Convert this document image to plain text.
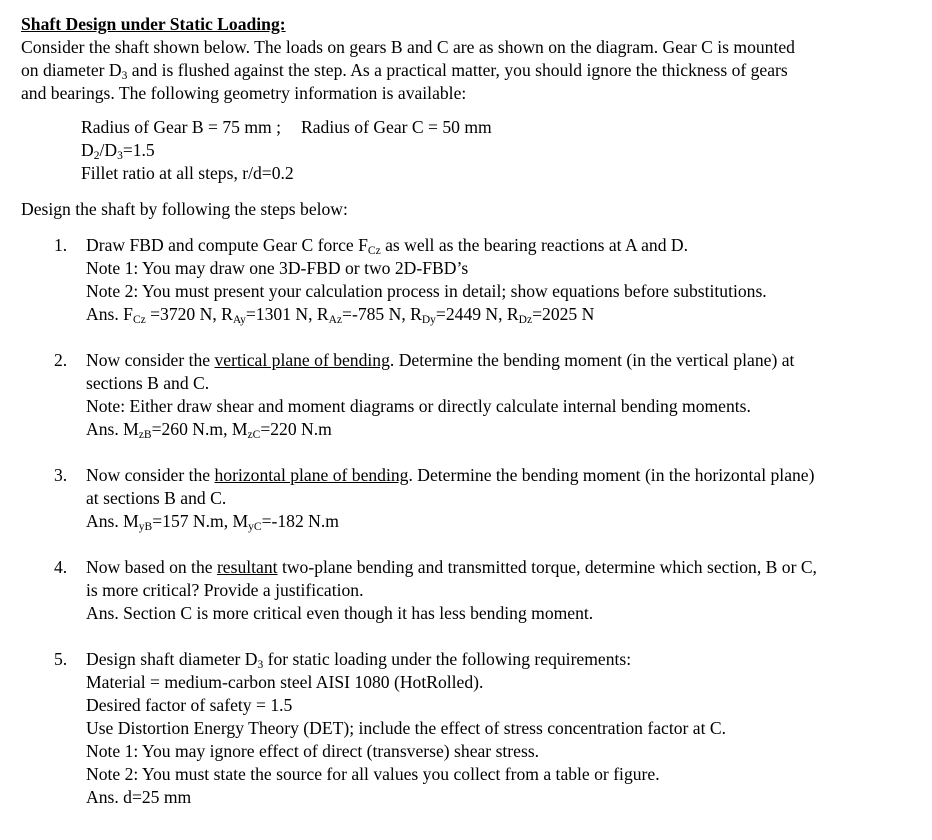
Shaft Design under Static Loading:

Consider the shaft shown below. The loads on gears B and C are as shown on the diagram. Gear C is mounted

on diameter $D_3$ and is flushed against the step. As a practical matter, you should ignore the thickness of gears

and bearings. The following geometry information is available:

Radius of Gear B = 75 mm ; Radius of Gear C = 50 mm
$D_2/D_3=1.5$
Fillet ratio at all steps, r/d=0.2
Design the shaft by following the steps below:
1. Draw FBD and compute Gear C force $F_{Cz}$ as well as the bearing reactions at A and D.

Note 1: You may draw one 3D-FBD or two 2D-FBD’s

Note 2: You must present your calculation process in detail; show equations before substitutions.

Ans. $F_{Cz} =3720$ N, $R_{Ay}=1301$ N, $R_{Az}=-785$ N, $R_{Dy}=2449$ N, $R_{Dz}=2025$ N

2. Now consider the vertical plane of bending. Determine the bending moment (in the vertical plane) at

sections B and C.

Note: Either draw shear and moment diagrams or directly calculate internal bending moments.

Ans. $M_{zB}=260$ N.m, $M_{zC}=220$ N.m

3. Now consider the horizontal plane of bending. Determine the bending moment (in the horizontal plane)

at sections B and C.

Ans. $M_{yB}=157$ N.m, $M_{yC}=-182$ N.m

4. Now based on the resultant two-plane bending and transmitted torque, determine which section, B or C,

is more critical? Provide a justification.

Ans. Section C is more critical even though it has less bending moment.

5. Design shaft diameter $D_3$ for static loading under the following requirements:

Material = medium-carbon steel AISI 1080 (HotRolled).

Desired factor of safety = 1.5

Use Distortion Energy Theory (DET); include the effect of stress concentration factor at C.

Note 1: You may ignore effect of direct (transverse) shear stress.

Note 2: You must state the source for all values you collect from a table or figure.

Ans. d=25 mm
